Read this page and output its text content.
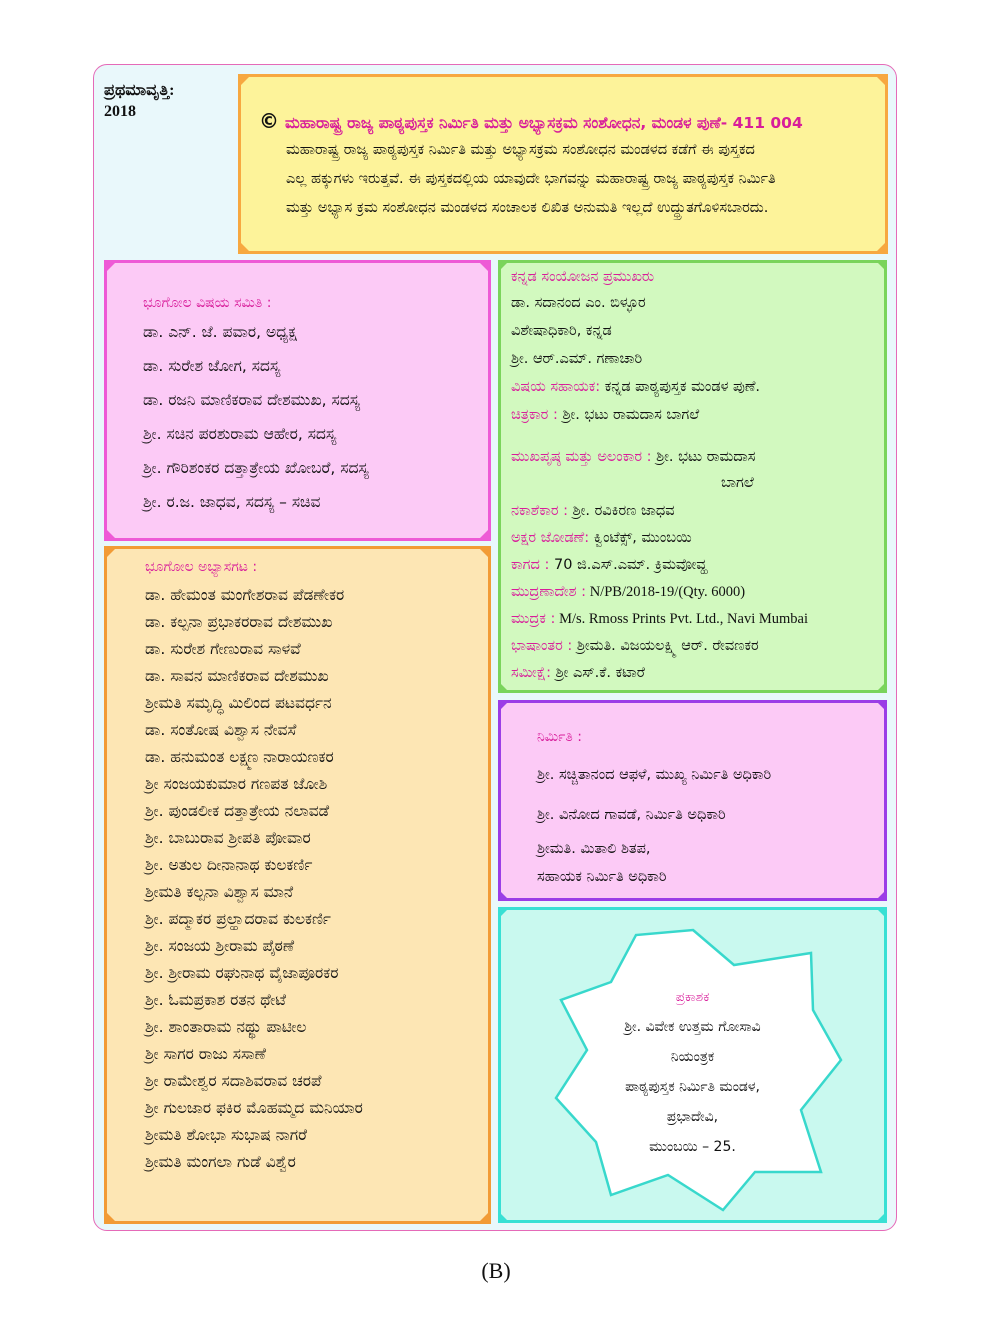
ಪ್ರಥಮಾವೃತ್ತಿ:
2018	© ಮಹಾರಾಷ್ಟ್ರ ರಾಜ್ಯ ಪಾಠ್ಯಪುಸ್ತಕ ನಿರ್ಮಿತಿ ಮತ್ತು ಅಭ್ಯಾಸಕ್ರಮ ಸಂಶೋಧನ, ಮಂಡಳ ಪುಣೆ- 411 004
ಮಹಾರಾಷ್ಟ್ರ ರಾಜ್ಯ ಪಾಠ್ಯಪುಸ್ತಕ ನಿರ್ಮಿತಿ ಮತ್ತು ಅಭ್ಯಾಸಕ್ರಮ ಸಂಶೋಧನ ಮಂಡಳದ ಕಡೆಗೆ ಈ ಪುಸ್ತಕದ
ಎಲ್ಲ ಹಕ್ಕುಗಳು ಇರುತ್ತವೆ. ಈ ಪುಸ್ತಕದಲ್ಲಿಯ ಯಾವುದೇ ಭಾಗವನ್ನು ಮಹಾರಾಷ್ಟ್ರ ರಾಜ್ಯ ಪಾಠ್ಯಪುಸ್ತಕ ನಿರ್ಮಿತಿ
ಮತ್ತು ಅಭ್ಯಾಸ ಕ್ರಮ ಸಂಶೋಧನ ಮಂಡಳದ ಸಂಚಾಲಕ ಲಿಖಿತ ಅನುಮತಿ ಇಲ್ಲದೆ ಉದ್ಧ್ರುತಗೊಳಿಸಬಾರದು.
ಭೂಗೋಲ ವಿಷಯ ಸಮಿತಿ :
ಡಾ. ಎನ್. ಜೆ. ಪವಾರ, ಅಧ್ಯಕ್ಷ
ಡಾ. ಸುರೇಶ ಜೋಗ, ಸದಸ್ಯ
ಡಾ. ರಜನಿ ಮಾಣಿಕರಾವ ದೇಶಮುಖ, ಸದಸ್ಯ
ಶ್ರೀ. ಸಚಿನ ಪರಶುರಾಮ ಆಹೇರ, ಸದಸ್ಯ
ಶ್ರೀ. ಗೌರಿಶಂಕರ ದತ್ತಾತ್ರೇಯ ಖೋಬರೆ, ಸದಸ್ಯ
ಶ್ರೀ. ರ.ಜ. ಜಾಧವ, ಸದಸ್ಯ – ಸಚಿವ
ಕನ್ನಡ ಸಂಯೋಜನ ಪ್ರಮುಖರು
ಡಾ. ಸದಾನಂದ ಎಂ. ಬಿಳ್ಳೂರ
ವಿಶೇಷಾಧಿಕಾರಿ, ಕನ್ನಡ
ಶ್ರೀ. ಆರ್.ಎಮ್. ಗಣಾಚಾರಿ
ವಿಷಯ ಸಹಾಯಕ: ಕನ್ನಡ ಪಾಠ್ಯಪುಸ್ತಕ ಮಂಡಳ ಪುಣೆ.
ಚಿತ್ರಕಾರ : ಶ್ರೀ. ಭಟು ರಾಮದಾಸ ಬಾಗಲೆ
ಮುಖಪೃಷ್ಠ ಮತ್ತು ಅಲಂಕಾರ : ಶ್ರೀ. ಭಟು ರಾಮದಾಸ
ಬಾಗಲೆ
ನಕಾಶೆಕಾರ : ಶ್ರೀ. ರವಿಕಿರಣ ಜಾಧವ
ಅಕ್ಷರ ಜೋಡಣೆ: ಕ್ವಿಂಟೆಕ್ಸ್, ಮುಂಬಯಿ
ಕಾಗದ : 70 ಜಿ.ಎಸ್.ಎಮ್. ಕ್ರಿಮವೋವ್ಹ
ಮುದ್ರಣಾದೇಶ : N/PB/2018-19/(Qty. 6000)
ಮುದ್ರಕ : M/s. Rmoss Prints Pvt. Ltd., Navi Mumbai
ಭಾಷಾಂತರ : ಶ್ರೀಮತಿ. ವಿಜಯಲಕ್ಷ್ಮಿ ಆರ್. ರೇವಣಕರ
ಸಮೀಕ್ಷೆ: ಶ್ರೀ ಎಸ್.ಕೆ. ಕಟಾರೆ
ಭೂಗೋಲ ಅಭ್ಯಾಸಗಟ :
ಡಾ. ಹೇಮಂತ ಮಂಗೇಶರಾವ ಪೆಡಣೇಕರ
ಡಾ. ಕಲ್ಪನಾ ಪ್ರಭಾಕರರಾವ ದೇಶಮುಖ
ಡಾ. ಸುರೇಶ ಗೇಣುರಾವ ಸಾಳವೆ
ಡಾ. ಸಾವನ ಮಾಣಿಕರಾವ ದೇಶಮುಖ
ಶ್ರೀಮತಿ ಸಮೃದ್ಧಿ ಮಿಲಿಂದ ಪಟವರ್ಧನ
ಡಾ. ಸಂತೋಷ ವಿಶ್ವಾಸ ನೇವಸೆ
ಡಾ. ಹನುಮಂತ ಲಕ್ಷ್ಮಣ ನಾರಾಯಣಕರ
ಶ್ರೀ ಸಂಜಯಕುಮಾರ ಗಣಪತ ಜೋಶಿ
ಶ್ರೀ. ಪುಂಡಲೀಕ ದತ್ತಾತ್ರೇಯ ನಲಾವಡೆ
ಶ್ರೀ. ಬಾಬುರಾವ ಶ್ರೀಪತಿ ಪೋವಾರ
ಶ್ರೀ. ಅತುಲ ದೀನಾನಾಥ ಕುಲಕರ್ಣಿ
ಶ್ರೀಮತಿ ಕಲ್ಪನಾ ವಿಶ್ವಾಸ ಮಾನೆ
ಶ್ರೀ. ಪದ್ಮಾಕರ ಪ್ರಲ್ಹಾದರಾವ ಕುಲಕರ್ಣಿ
ಶ್ರೀ. ಸಂಜಯ ಶ್ರೀರಾಮ ಪೈಠಣೆ
ಶ್ರೀ. ಶ್ರೀರಾಮ ರಘುನಾಥ ವೈಜಾಪೂರಕರ
ಶ್ರೀ. ಓಮಪ್ರಕಾಶ ರತನ ಥೇಟೆ
ಶ್ರೀ. ಶಾಂತಾರಾಮ ನಥ್ಥು ಪಾಟೀಲ
ಶ್ರೀ ಸಾಗರ ರಾಜು ಸಸಾಣೆ
ಶ್ರೀ ರಾಮೇಶ್ವರ ಸದಾಶಿವರಾವ ಚರಪೆ
ಶ್ರೀ ಗುಲಜಾರ ಫಕಿರ ಮೊಹಮ್ಮದ ಮನಿಯಾರ
ಶ್ರೀಮತಿ ಶೋಭಾ ಸುಭಾಷ ನಾಗರೆ
ಶ್ರೀಮತಿ ಮಂಗಲಾ ಗುಡೆ ವಿಶ್ವೆರ
ನಿರ್ಮಿತಿ :
ಶ್ರೀ. ಸಚ್ಚಿತಾನಂದ ಆಫಳೆ, ಮುಖ್ಯ ನಿರ್ಮಿತಿ ಅಧಿಕಾರಿ
ಶ್ರೀ. ವಿನೋದ ಗಾವಡೆ, ನಿರ್ಮಿತಿ ಅಧಿಕಾರಿ
ಶ್ರೀಮತಿ. ಮಿತಾಲಿ ಶಿತಪ,
ಸಹಾಯಕ ನಿರ್ಮಿತಿ ಅಧಿಕಾರಿ
ಪ್ರಕಾಶಕ
ಶ್ರೀ. ವಿವೇಕ ಉತ್ತಮ ಗೋಸಾವಿ
ನಿಯಂತ್ರಕ
ಪಾಠ್ಯಪುಸ್ತಕ ನಿರ್ಮಿತಿ ಮಂಡಳ,
ಪ್ರಭಾದೇವಿ,
ಮುಂಬಯಿ – 25.
(B)
